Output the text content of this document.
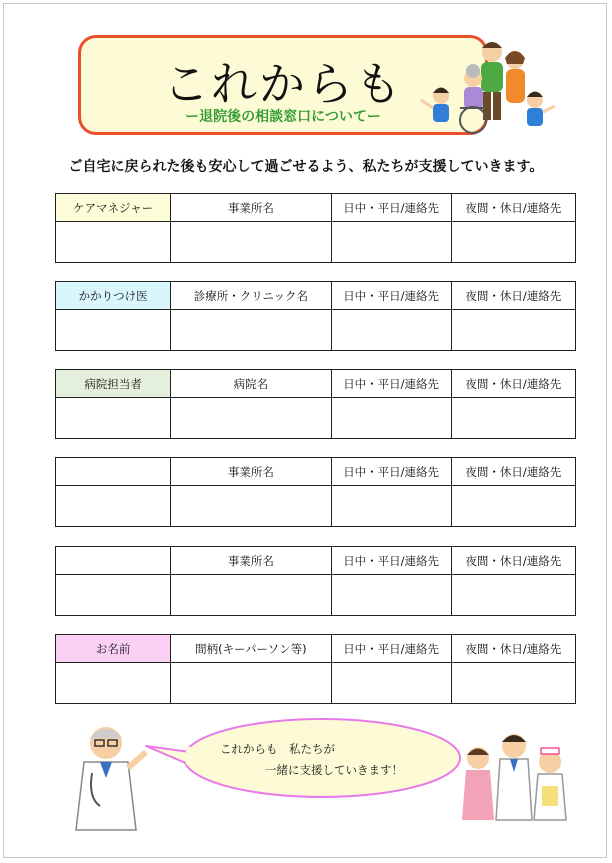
これからも
ー退院後の相談窓口についてー
ご自宅に戻られた後も安心して過ごせるよう、私たちが支援していきます。
ケアマネジャー	事業所名	日中・平日/連絡先	夜間・休日/連絡先

かかりつけ医	診療所・クリニック名	日中・平日/連絡先	夜間・休日/連絡先

病院担当者	病院名	日中・平日/連絡先	夜間・休日/連絡先

	事業所名	日中・平日/連絡先	夜間・休日/連絡先

	事業所名	日中・平日/連絡先	夜間・休日/連絡先

お名前	間柄(キーパーソン等)	日中・平日/連絡先	夜間・休日/連絡先

これからも　私たちが
一緒に支援していきます！
